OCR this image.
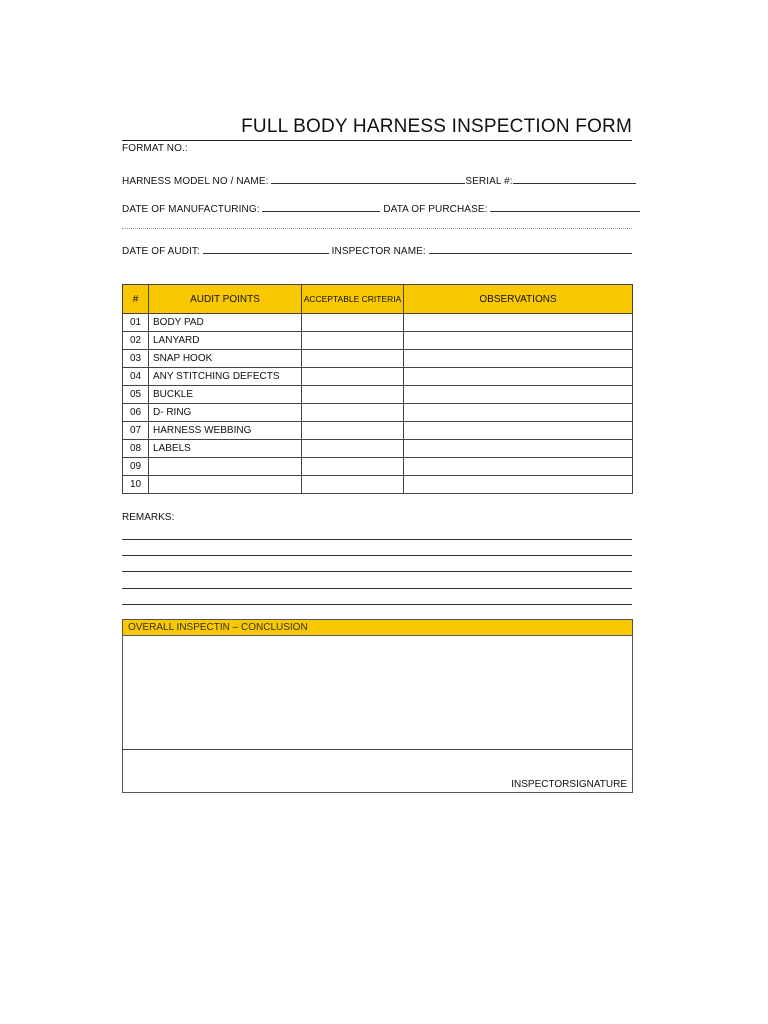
FULL BODY HARNESS INSPECTION FORM
FORMAT NO.:
HARNESS MODEL NO / NAME:	SERIAL #:
DATE OF MANUFACTURING:	DATA OF PURCHASE:
DATE OF AUDIT:	INSPECTOR NAME:
#	AUDIT POINTS	ACCEPTABLE CRITERIA	OBSERVATIONS
01	BODY PAD		
02	LANYARD		
03	SNAP HOOK		
04	ANY STITCHING DEFECTS		
05	BUCKLE		
06	D- RING		
07	HARNESS WEBBING		
08	LABELS		
09			
10			
REMARKS:
OVERALL INSPECTIN – CONCLUSION
INSPECTORSIGNATURE
